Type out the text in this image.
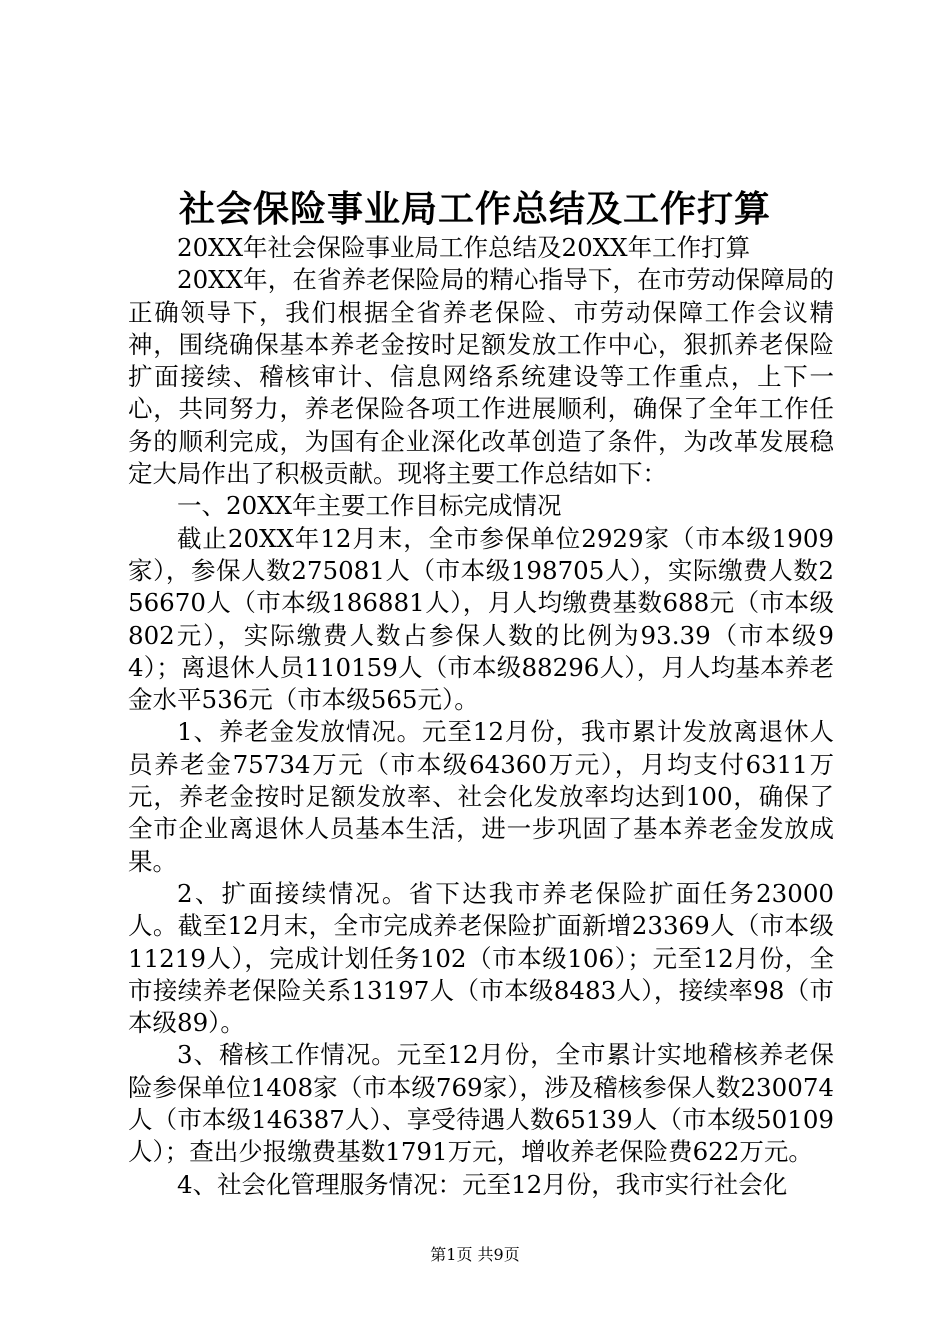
社会保险事业局工作总结及工作打算

20XX年社会保险事业局工作总结及20XX年工作打算

20XX年，在省养老保险局的精心指导下，在市劳动保障局的正确领导下，我们根据全省养老保险、市劳动保障工作会议精神，围绕确保基本养老金按时足额发放工作中心，狠抓养老保险扩面接续、稽核审计、信息网络系统建设等工作重点，上下一心，共同努力，养老保险各项工作进展顺利，确保了全年工作任务的顺利完成，为国有企业深化改革创造了条件，为改革发展稳定大局作出了积极贡献。现将主要工作总结如下：

一、20XX年主要工作目标完成情况

截止20XX年12月末，全市参保单位2929家（市本级1909家），参保人数275081人（市本级198705人），实际缴费人数256670人（市本级186881人），月人均缴费基数688元（市本级802元），实际缴费人数占参保人数的比例为93.39（市本级94）；离退休人员110159人（市本级88296人），月人均基本养老金水平536元（市本级565元）。

1、养老金发放情况。元至12月份，我市累计发放离退休人员养老金75734万元（市本级64360万元），月均支付6311万元，养老金按时足额发放率、社会化发放率均达到100，确保了全市企业离退休人员基本生活，进一步巩固了基本养老金发放成果。

2、扩面接续情况。省下达我市养老保险扩面任务23000人。截至12月末，全市完成养老保险扩面新增23369人（市本级11219人），完成计划任务102（市本级106）；元至12月份，全市接续养老保险关系13197人（市本级8483人），接续率98（市本级89）。

3、稽核工作情况。元至12月份，全市累计实地稽核养老保险参保单位1408家（市本级769家），涉及稽核参保人数230074人（市本级146387人）、享受待遇人数65139人（市本级50109人）；查出少报缴费基数1791万元，增收养老保险费622万元。

4、社会化管理服务情况：元至12月份，我市实行社会化

第1页 共9页
